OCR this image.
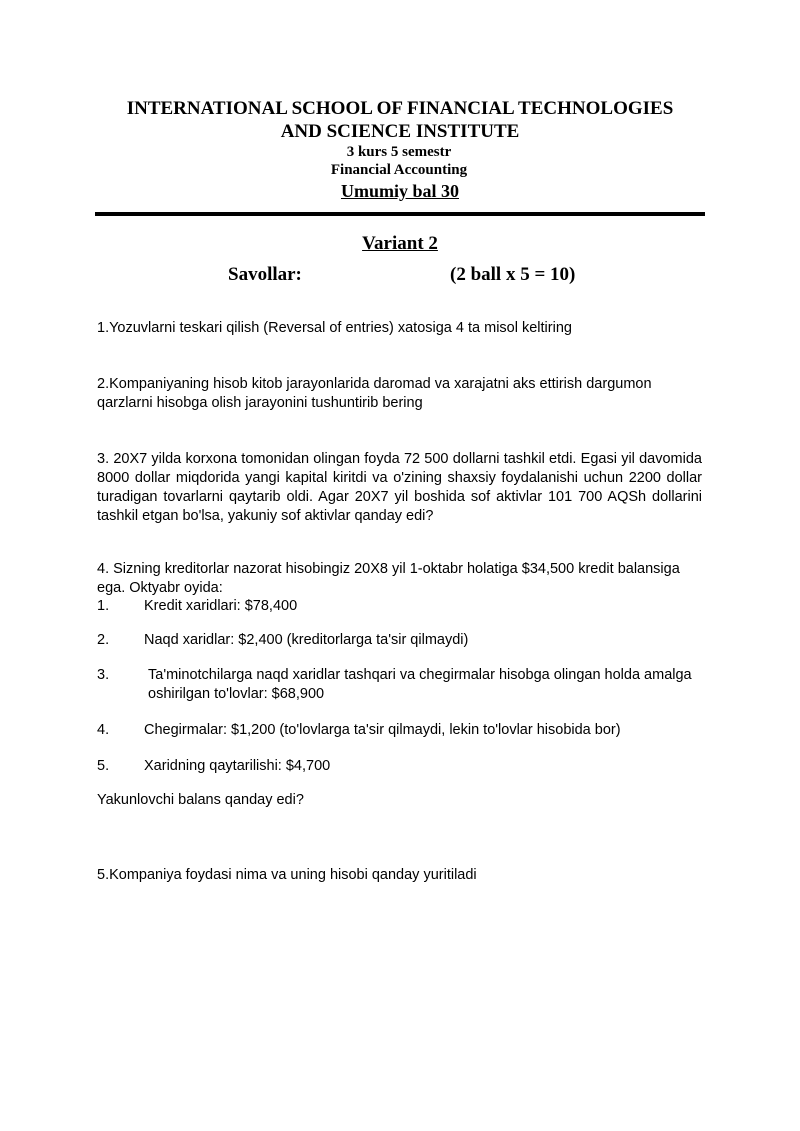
INTERNATIONAL SCHOOL OF FINANCIAL TECHNOLOGIES
AND SCIENCE INSTITUTE
3 kurs 5 semestr
Financial Accounting
Umumiy bal 30
Variant 2
Savollar:	(2 ball x 5 = 10)
1.Yozuvlarni teskari qilish (Reversal of entries) xatosiga 4 ta misol keltiring
2.Kompaniyaning hisob kitob jarayonlarida daromad va xarajatni aks ettirish dargumon qarzlarni hisobga olish jarayonini tushuntirib bering
3. 20X7 yilda korxona tomonidan olingan foyda 72 500 dollarni tashkil etdi. Egasi yil davomida 8000 dollar miqdorida yangi kapital kiritdi va o'zining shaxsiy foydalanishi uchun 2200 dollar turadigan tovarlarni qaytarib oldi. Agar 20X7 yil boshida sof aktivlar 101 700 AQSh dollarini tashkil etgan bo'lsa, yakuniy sof aktivlar qanday edi?
4. Sizning kreditorlar nazorat hisobingiz 20X8 yil 1-oktabr holatiga $34,500 kredit balansiga ega. Oktyabr oyida:
1. Kredit xaridlari: $78,400
2. Naqd xaridlar: $2,400 (kreditorlarga ta'sir qilmaydi)
3.	Ta'minotchilarga naqd xaridlar tashqari va chegirmalar hisobga olingan holda amalga oshirilgan to'lovlar: $68,900
4. Chegirmalar: $1,200 (to'lovlarga ta'sir qilmaydi, lekin to'lovlar hisobida bor)
5. Xaridning qaytarilishi: $4,700
Yakunlovchi balans qanday edi?
5.Kompaniya foydasi nima va uning hisobi qanday yuritiladi
